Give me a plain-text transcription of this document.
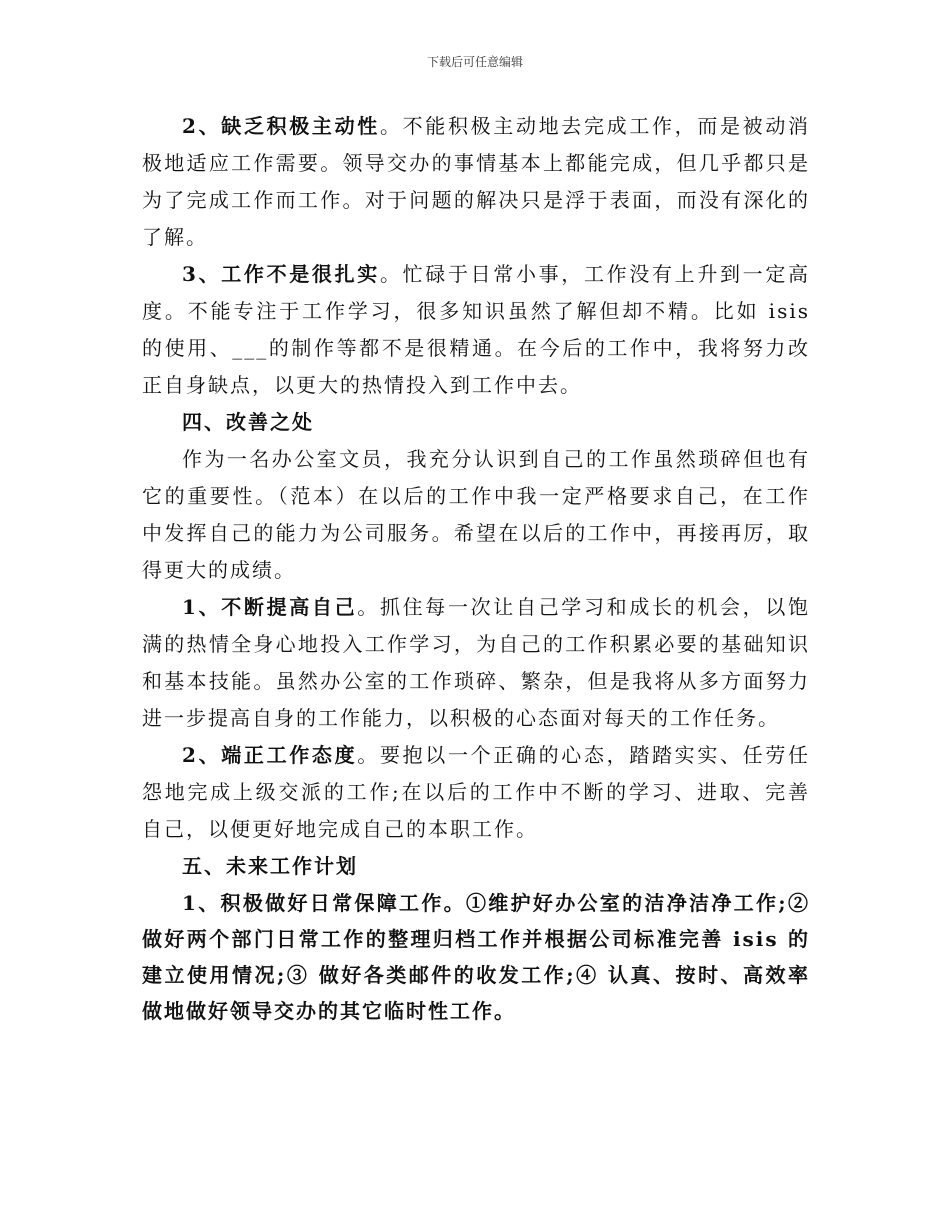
下载后可任意编辑

2、缺乏积极主动性。不能积极主动地去完成工作，而是被动消极地适应工作需要。领导交办的事情基本上都能完成，但几乎都只是为了完成工作而工作。对于问题的解决只是浮于表面，而没有深化的了解。

3、工作不是很扎实。忙碌于日常小事，工作没有上升到一定高度。不能专注于工作学习，很多知识虽然了解但却不精。比如 isis 的使用、___的制作等都不是很精通。在今后的工作中，我将努力改正自身缺点，以更大的热情投入到工作中去。

四、改善之处

作为一名办公室文员，我充分认识到自己的工作虽然琐碎但也有它的重要性。（范本）在以后的工作中我一定严格要求自己，在工作中发挥自己的能力为公司服务。希望在以后的工作中，再接再厉，取得更大的成绩。

1、不断提高自己。抓住每一次让自己学习和成长的机会，以饱满的热情全身心地投入工作学习，为自己的工作积累必要的基础知识和基本技能。虽然办公室的工作琐碎、繁杂，但是我将从多方面努力进一步提高自身的工作能力，以积极的心态面对每天的工作任务。

2、端正工作态度。要抱以一个正确的心态，踏踏实实、任劳任怨地完成上级交派的工作;在以后的工作中不断的学习、进取、完善自己，以便更好地完成自己的本职工作。

五、未来工作计划

1、积极做好日常保障工作。①维护好办公室的洁净洁净工作;②做好两个部门日常工作的整理归档工作并根据公司标准完善 isis 的建立使用情况;③ 做好各类邮件的收发工作;④ 认真、按时、高效率做地做好领导交办的其它临时性工作。
